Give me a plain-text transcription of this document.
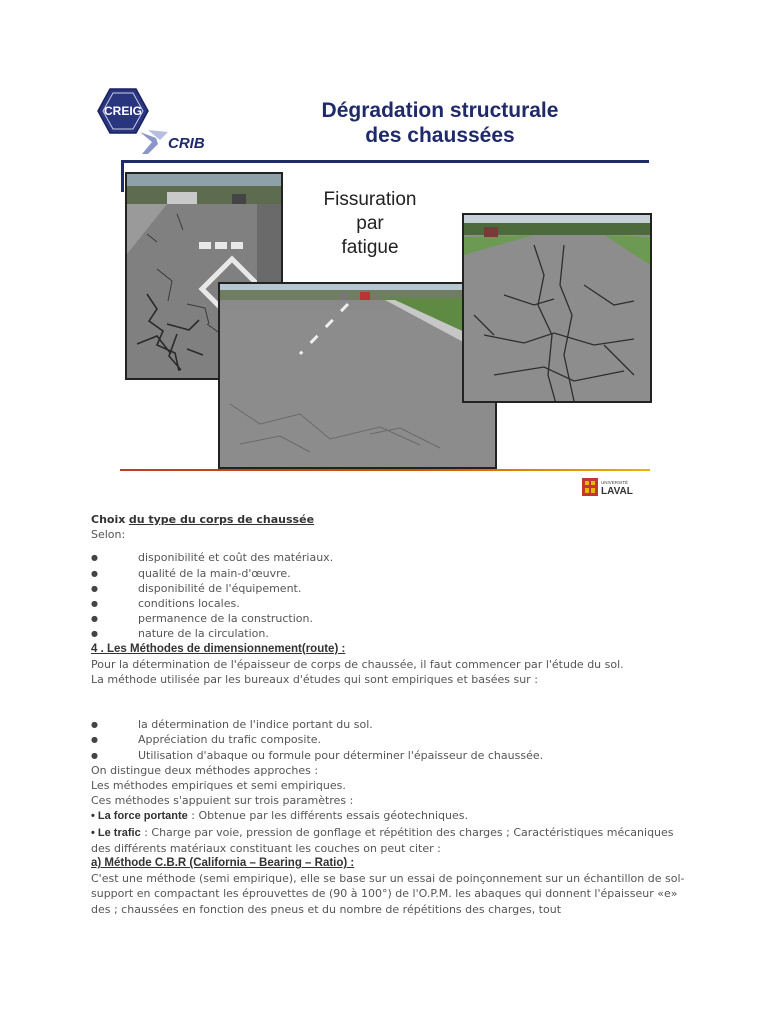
CREIG
CRIB
Dégradation structurale
des chaussées
Fissuration
par
fatigue
UNIVERSITÉ
LAVAL

Choix du type du corps de chaussée

Selon:

● disponibilité et coût des matériaux.
● qualité de la main-d'œuvre.
● disponibilité de l'équipement.
● conditions locales.
● permanence de la construction.
● nature de la circulation.

4 . Les Méthodes de dimensionnement(route) :

Pour la détermination de l'épaisseur de corps de chaussée, il faut commencer par l'étude du sol.

La méthode utilisée par les bureaux d'études qui sont empiriques et basées sur :

● la détermination de l'indice portant du sol.
● Appréciation du trafic composite.
● Utilisation d'abaque ou formule pour déterminer l'épaisseur de chaussée.

On distingue deux méthodes approches :

Les méthodes empiriques et semi empiriques.

Ces méthodes s'appuient sur trois paramètres :

• La force portante : Obtenue par les différents essais géotechniques.

• Le trafic : Charge par voie, pression de gonflage et répétition des charges ; Caractéristiques mécaniques des différents matériaux constituant les couches on peut citer :

a) Méthode C.B.R (California – Bearing – Ratio) :

C'est une méthode (semi empirique), elle se base sur un essai de poinçonnement sur un échantillon de sol-support en compactant les éprouvettes de (90 à 100°) de l'O.P.M. les abaques qui donnent l'épaisseur «e» des ; chaussées en fonction des pneus et du nombre de répétitions des charges, tout
